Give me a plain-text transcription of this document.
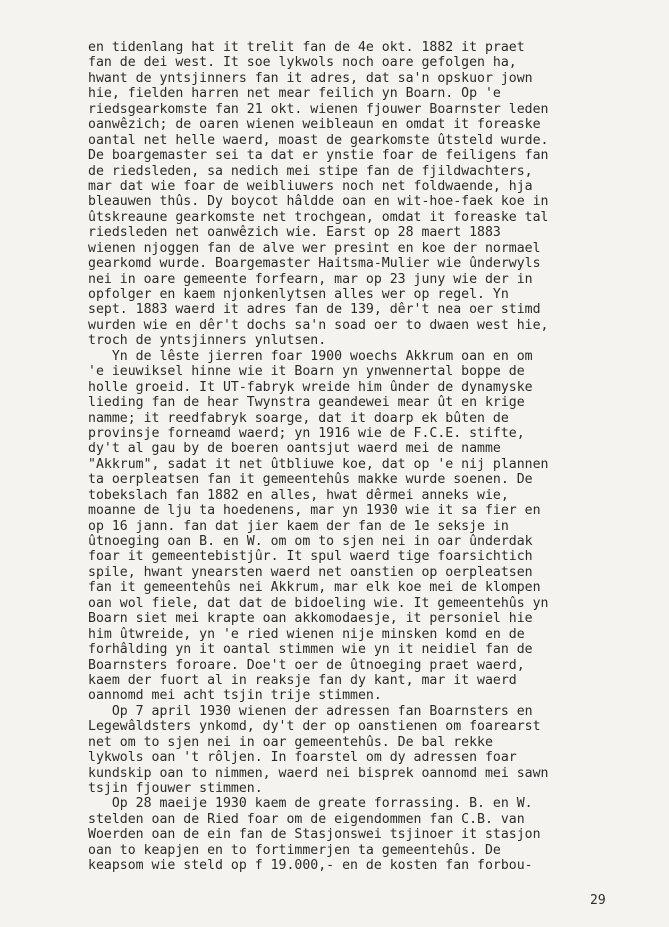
en tidenlang hat it trelit fan de 4e okt. 1882 it praet
fan de dei west. It soe lykwols noch oare gefolgen ha,
hwant de yntsjinners fan it adres, dat sa'n opskuor jown
hie, fielden harren net mear feilich yn Boarn. Op 'e
riedsgearkomste fan 21 okt. wienen fjouwer Boarnster leden
oanwêzich; de oaren wienen weibleaun en omdat it foreaske
oantal net helle waerd, moast de gearkomste ûtsteld wurde.
De boargemaster sei ta dat er ynstie foar de feiligens fan
de riedsleden, sa nedich mei stipe fan de fjildwachters,
mar dat wie foar de weibliuwers noch net foldwaende, hja
bleauwen thûs. Dy boycot hâldde oan en wit-hoe-faek koe in
ûtskreaune gearkomste net trochgean, omdat it foreaske tal
riedsleden net oanwêzich wie. Earst op 28 maert 1883
wienen njoggen fan de alve wer presint en koe der normael
gearkomd wurde. Boargemaster Haitsma-Mulier wie ûnderwyls
nei in oare gemeente forfearn, mar op 23 juny wie der in
opfolger en kaem njonkenlytsen alles wer op regel. Yn
sept. 1883 waerd it adres fan de 139, dêr't nea oer stimd
wurden wie en dêr't dochs sa'n soad oer to dwaen west hie,
troch de yntsjinners ynlutsen.
Yn de lêste jierren foar 1900 woechs Akkrum oan en om
'e ieuwiksel hinne wie it Boarn yn ynwennertal boppe de
holle groeid. It UT-fabryk wreide him ûnder de dynamyske
lieding fan de hear Twynstra geandewei mear ût en krige
namme; it reedfabryk soarge, dat it doarp ek bûten de
provinsje forneamd waerd; yn 1916 wie de F.C.E. stifte,
dy't al gau by de boeren oantsjut waerd mei de namme
"Akkrum", sadat it net ûtbliuwe koe, dat op 'e nij plannen
ta oerpleatsen fan it gemeentehûs makke wurde soenen. De
tobekslach fan 1882 en alles, hwat dêrmei anneks wie,
moanne de lju ta hoedenens, mar yn 1930 wie it sa fier en
op 16 jann. fan dat jier kaem der fan de 1e seksje in
ûtnoeging oan B. en W. om om to sjen nei in oar ûnderdak
foar it gemeentebistjûr. It spul waerd tige foarsichtich
spile, hwant ynearsten waerd net oanstien op oerpleatsen
fan it gemeentehûs nei Akkrum, mar elk koe mei de klompen
oan wol fiele, dat dat de bidoeling wie. It gemeentehûs yn
Boarn siet mei krapte oan akkomodaesje, it personiel hie
him ûtwreide, yn 'e ried wienen nije minsken komd en de
forhâlding yn it oantal stimmen wie yn it neidiel fan de
Boarnsters foroare. Doe't oer de ûtnoeging praet waerd,
kaem der fuort al in reaksje fan dy kant, mar it waerd
oannomd mei acht tsjin trije stimmen.
Op 7 april 1930 wienen der adressen fan Boarnsters en
Legewâldsters ynkomd, dy't der op oanstienen om foarearst
net om to sjen nei in oar gemeentehûs. De bal rekke
lykwols oan 't rôljen. In foarstel om dy adressen foar
kundskip oan to nimmen, waerd nei bisprek oannomd mei sawn
tsjin fjouwer stimmen.
Op 28 maeije 1930 kaem de greate forrassing. B. en W.
stelden oan de Ried foar om de eigendommen fan C.B. van
Woerden oan de ein fan de Stasjonswei tsjinoer it stasjon
oan to keapjen en to fortimmerjen ta gemeentehûs. De
keapsom wie steld op f 19.000,- en de kosten fan forbou-
29
